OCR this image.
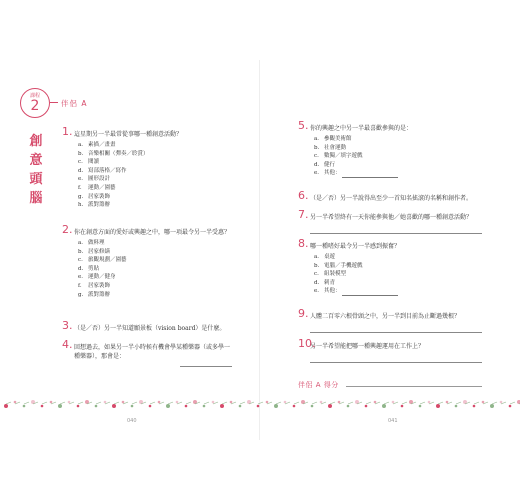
課程
2	伴侶 A
創
意
頭
腦
1. 這星期另一半最常從事哪一種創意活動？
a. 素描／畫畫
b. 音樂相關（彈奏／聆賞）
c. 閱讀
d. 寫部落格／寫作
e. 圖形設計
f. 運動／園藝
g. 居家裝飾
h. 派對籌辦
2. 你在創意方面的愛好或興趣之中，哪一項最令另一半受惠？
a. 做料理
b. 居家修繕
c. 旅觀規劃／園藝
d. 剪貼
e. 運動／健身
f. 居家裝飾
g. 派對籌辦
3. （是／否）另一半知道願景板（vision board）是什麼。
4. 回想過去，如果另一半小時候有機會學某種樂器（或多學一種樂器），那會是：
5. 你的興趣之中另一半最喜歡參與的是：
a. 參觀美術館
b. 社會運動
c. 數獨／填字遊戲
d. 健行
e. 其他：
6. （是／否）另一半說得出至少一首知名搖滾的名稱和創作者。
7. 另一半希望終有一天你能參與他／她喜歡的哪一種創意活動？
8. 哪一種嗜好最令另一半感到振奮？
a. 桌遊
b. 電腦／手機遊戲
c. 組裝模型
d. 刺青
e. 其他：
9. 人體二百零六根骨頭之中，另一半到目前為止斷過幾根？
10.
另一半希望能把哪一種興趣運用在工作上？
伴侶 A 得分
040	041
